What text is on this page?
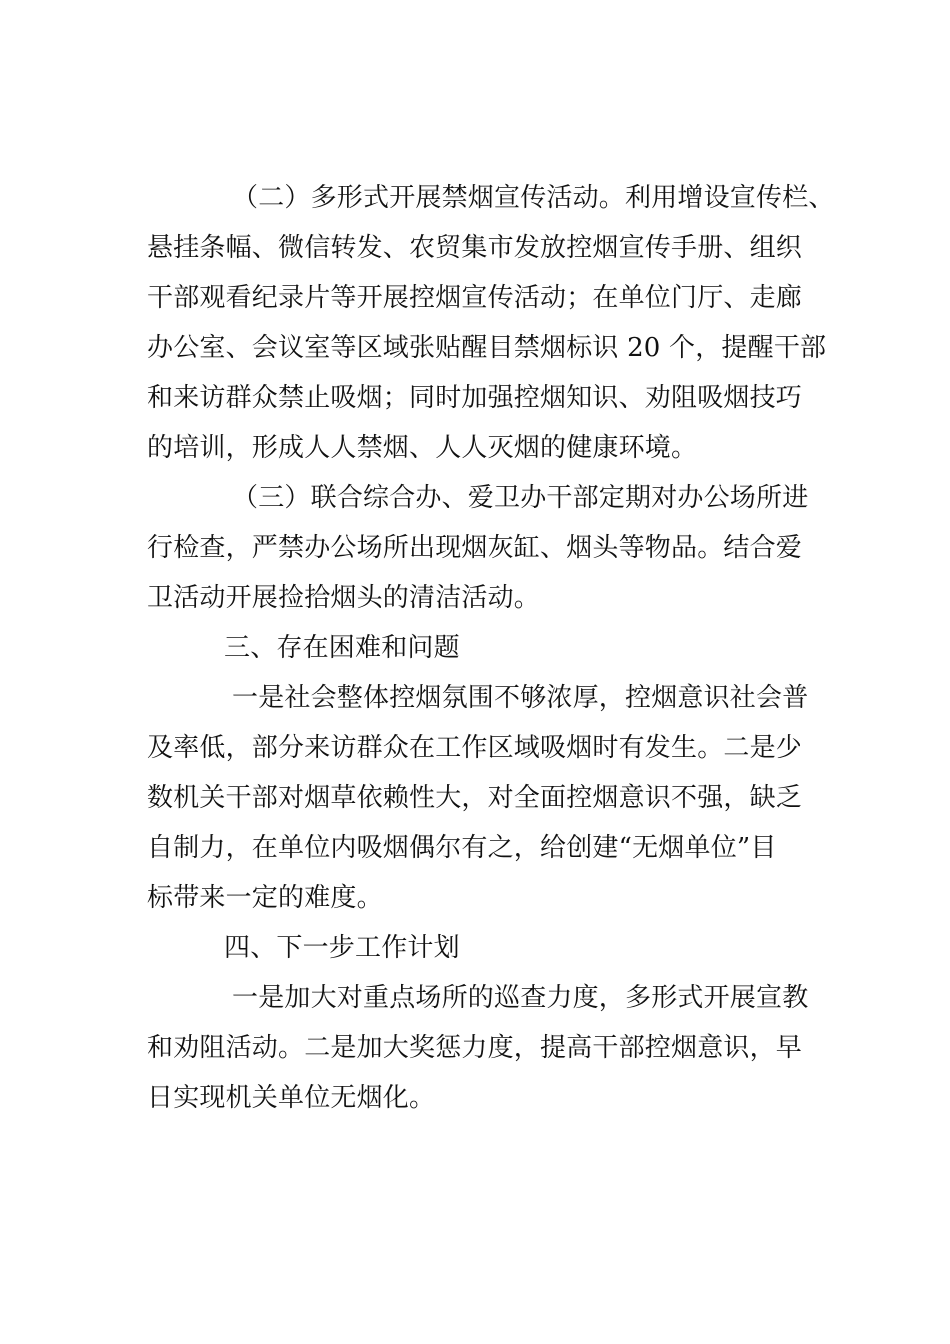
（二）多形式开展禁烟宣传活动。利用增设宣传栏、
悬挂条幅、微信转发、农贸集市发放控烟宣传手册、组织
干部观看纪录片等开展控烟宣传活动；在单位门厅、走廊
办公室、会议室等区域张贴醒目禁烟标识 20 个，提醒干部
和来访群众禁止吸烟；同时加强控烟知识、劝阻吸烟技巧
的培训，形成人人禁烟、人人灭烟的健康环境。
（三）联合综合办、爱卫办干部定期对办公场所进
行检查，严禁办公场所出现烟灰缸、烟头等物品。结合爱
卫活动开展捡拾烟头的清洁活动。
三、存在困难和问题
一是社会整体控烟氛围不够浓厚，控烟意识社会普
及率低，部分来访群众在工作区域吸烟时有发生。二是少
数机关干部对烟草依赖性大，对全面控烟意识不强，缺乏
自制力，在单位内吸烟偶尔有之，给创建“无烟单位”目
标带来一定的难度。
四、下一步工作计划
一是加大对重点场所的巡查力度，多形式开展宣教
和劝阻活动。二是加大奖惩力度，提高干部控烟意识，早
日实现机关单位无烟化。
